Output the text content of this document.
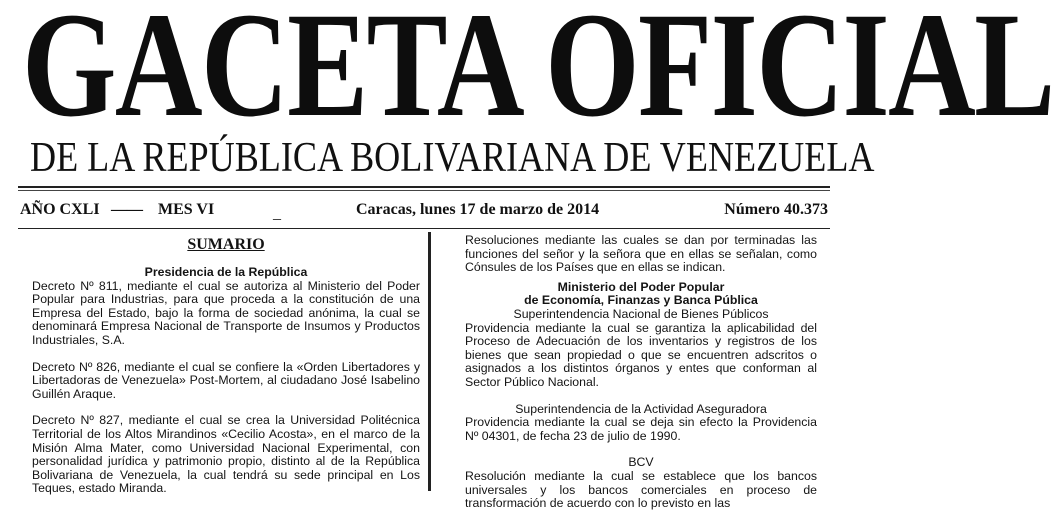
GACETA OFICIAL
DE LA REPÚBLICA BOLIVARIANA DE VENEZUELA
AÑO CXLI —— MES VI	_	Caracas, lunes 17 de marzo de 2014	Número 40.373
SUMARIO
Presidencia de la República

Decreto Nº 811, mediante el cual se autoriza al Ministerio del Poder Popular para Industrias, para que proceda a la constitución de una Empresa del Estado, bajo la forma de sociedad anónima, la cual se denominará Empresa Nacional de Transporte de Insumos y Productos Industriales, S.A.

Decreto Nº 826, mediante el cual se confiere la «Orden Libertadores y Libertadoras de Venezuela» Post-Mortem, al ciudadano José Isabelino Guillén Araque.

Decreto Nº 827, mediante el cual se crea la Universidad Politécnica Territorial de los Altos Mirandinos «Cecilio Acosta», en el marco de la Misión Alma Mater, como Universidad Nacional Experimental, con personalidad jurídica y patrimonio propio, distinto al de la República Bolivariana de Venezuela, la cual tendrá su sede principal en Los Teques, estado Miranda.

Resoluciones mediante las cuales se dan por terminadas las funciones del señor y la señora que en ellas se señalan, como Cónsules de los Países que en ellas se indican.

Ministerio del Poder Popular
de Economía, Finanzas y Banca Pública
Superintendencia Nacional de Bienes Públicos

Providencia mediante la cual se garantiza la aplicabilidad del Proceso de Adecuación de los inventarios y registros de los bienes que sean propiedad o que se encuentren adscritos o asignados a los distintos órganos y entes que conforman al Sector Público Nacional.

Superintendencia de la Actividad Aseguradora

Providencia mediante la cual se deja sin efecto la Providencia Nº 04301, de fecha 23 de julio de 1990.

BCV

Resolución mediante la cual se establece que los bancos universales y los bancos comerciales en proceso de transformación de acuerdo con lo previsto en las
